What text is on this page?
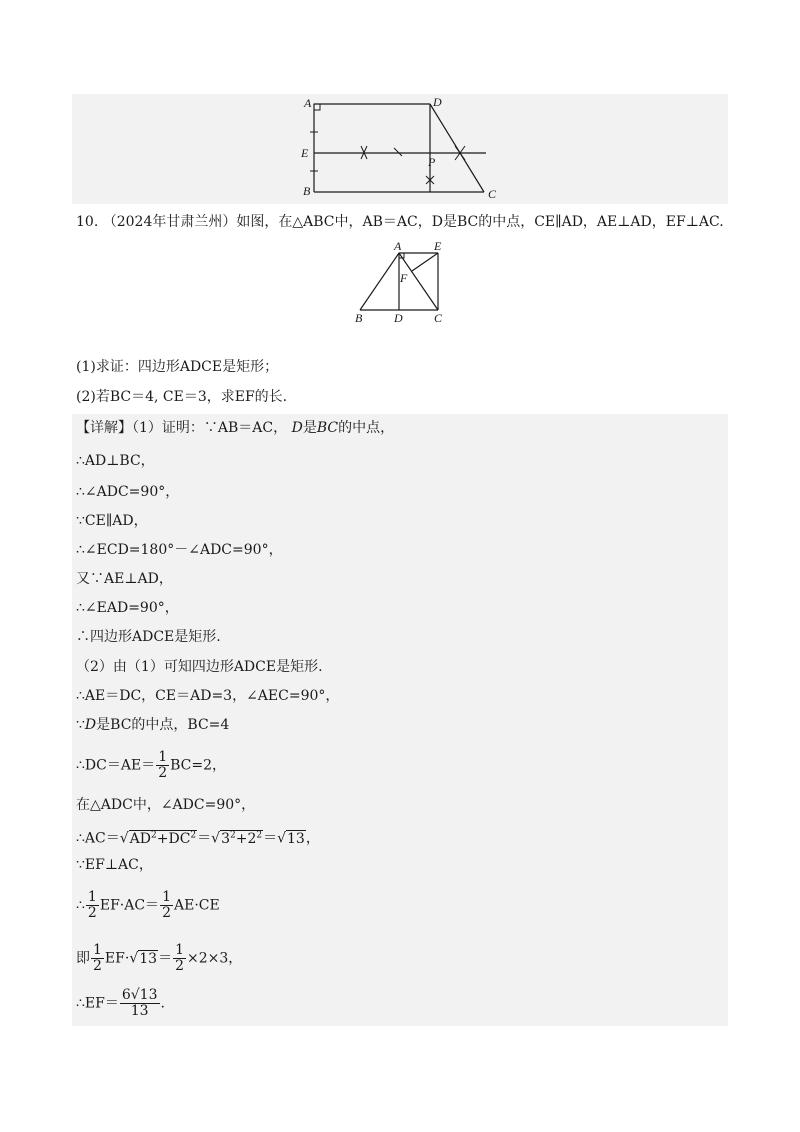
A	D
E
P
B	C
10. （2024年甘肃兰州）如图，在△ABC中，AB＝AC，D是BC的中点，CE∥AD，AE⊥AD，EF⊥AC.
A	E
F
B	D	C
(1)求证：四边形ADCE是矩形；
(2)若BC＝4, CE＝3，求EF的长.
【详解】（1）证明：∵AB＝AC， D是BC的中点，
∴AD⊥BC，
∴∠ADC=90°，
∵CE∥AD，
∴∠ECD=180°－∠ADC=90°，
又∵AE⊥AD，
∴∠EAD=90°，
∴四边形ADCE是矩形.
（2）由（1）可知四边形ADCE是矩形.
∴AE＝DC，CE＝AD=3，∠AEC=90°，
∵D是BC的中点，BC=4
∴DC＝AE＝ $\frac{1}{2} BC=2$，
在△ADC中，∠ADC=90°，
$\therefore AC=√AD^2+DC^2=√3^2+2^2=√13$，
∵EF⊥AC，
∴ $\frac{1}{2} EF\cdot AC= \frac{1}{2} AE\cdot CE$
即 $\frac{1}{2} EF\cdot√13= \frac{1}{2} \times 2\times 3$，
∴EF＝ $\frac{6√13}{13}$ .
